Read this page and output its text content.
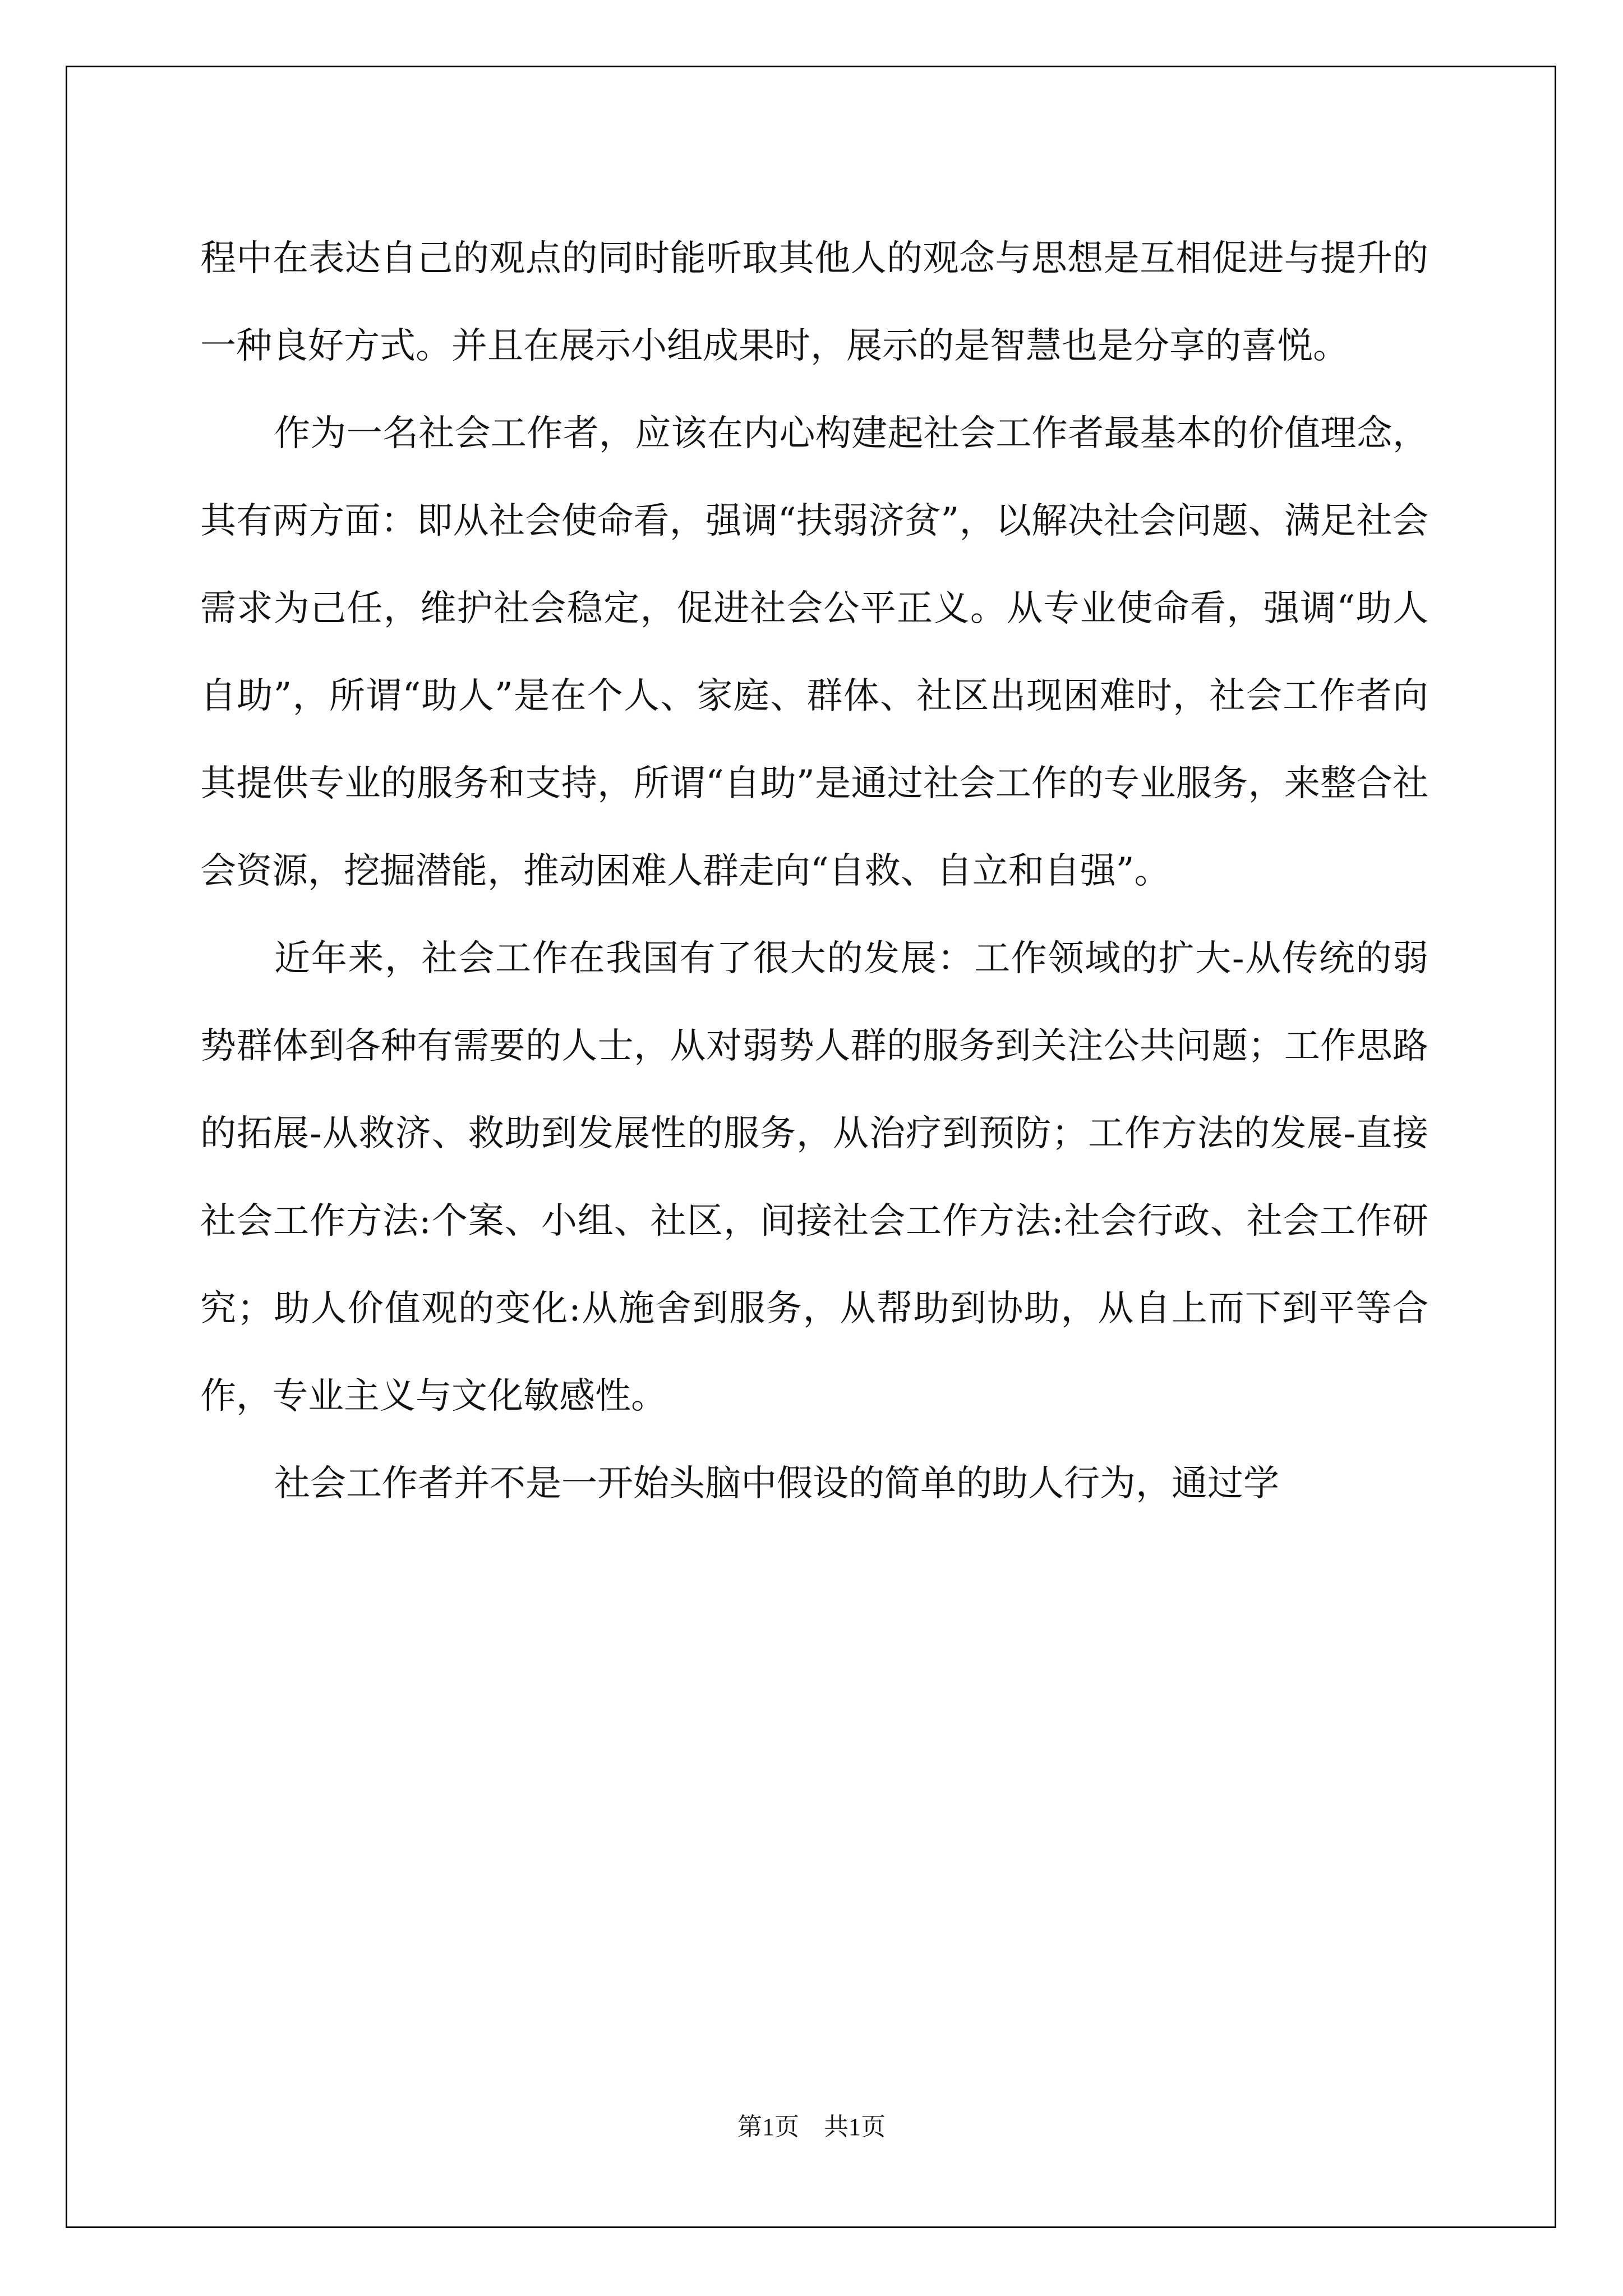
程中在表达自己的观点的同时能听取其他人的观念与思想是互相促进与提升的一种良好方式。并且在展示小组成果时，展示的是智慧也是分享的喜悦。

作为一名社会工作者，应该在内心构建起社会工作者最基本的价值理念，其有两方面：即从社会使命看，强调“扶弱济贫”，以解决社会问题、满足社会需求为己任，维护社会稳定，促进社会公平正义。从专业使命看，强调“助人自助”，所谓“助人”是在个人、家庭、群体、社区出现困难时，社会工作者向其提供专业的服务和支持，所谓“自助”是通过社会工作的专业服务，来整合社会资源，挖掘潜能，推动困难人群走向“自救、自立和自强”。

近年来，社会工作在我国有了很大的发展：工作领域的扩大-从传统的弱势群体到各种有需要的人士，从对弱势人群的服务到关注公共问题；工作思路的拓展-从救济、救助到发展性的服务，从治疗到预防；工作方法的发展-直接社会工作方法:个案、小组、社区，间接社会工作方法:社会行政、社会工作研究；助人价值观的变化:从施舍到服务，从帮助到协助，从自上而下到平等合作，专业主义与文化敏感性。

社会工作者并不是一开始头脑中假设的简单的助人行为，通过学

第1页 共1页
